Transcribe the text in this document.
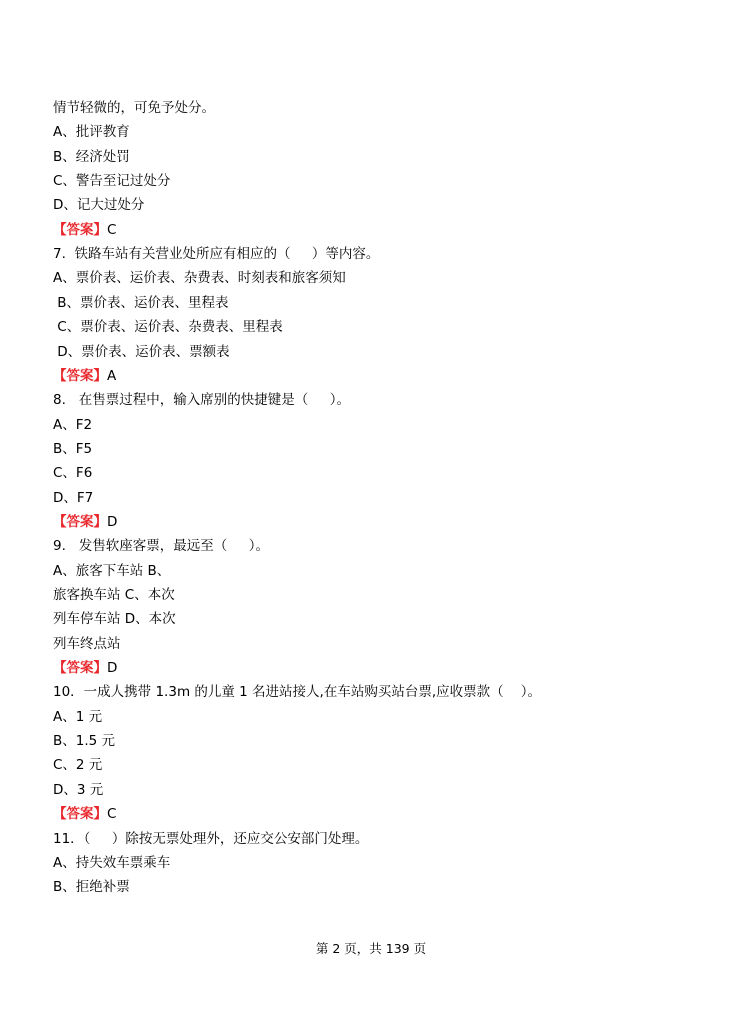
情节轻微的，可免予处分。
A、批评教育
B、经济处罚
C、警告至记过处分
D、记大过处分
【答案】C
7.  铁路车站有关营业处所应有相应的（     ）等内容。
A、票价表、运价表、杂费表、时刻表和旅客须知
B、票价表、运价表、里程表
C、票价表、运价表、杂费表、里程表
D、票价表、运价表、票额表
【答案】A
8.   在售票过程中，输入席别的快捷键是（     ）。
A、F2
B、F5
C、F6
D、F7
【答案】D
9.   发售软座客票，最远至（     ）。
A、旅客下车站 B、
旅客换车站 C、本次
列车停车站 D、本次
列车终点站
【答案】D
10．一成人携带 1.3m 的儿童 1 名进站接人,在车站购买站台票,应收票款（    ）。
A、1 元
B、1.5 元
C、2 元
D、3 元
【答案】C
11．（     ）除按无票处理外，还应交公安部门处理。
A、持失效车票乘车
B、拒绝补票
第 2 页，共 139 页
